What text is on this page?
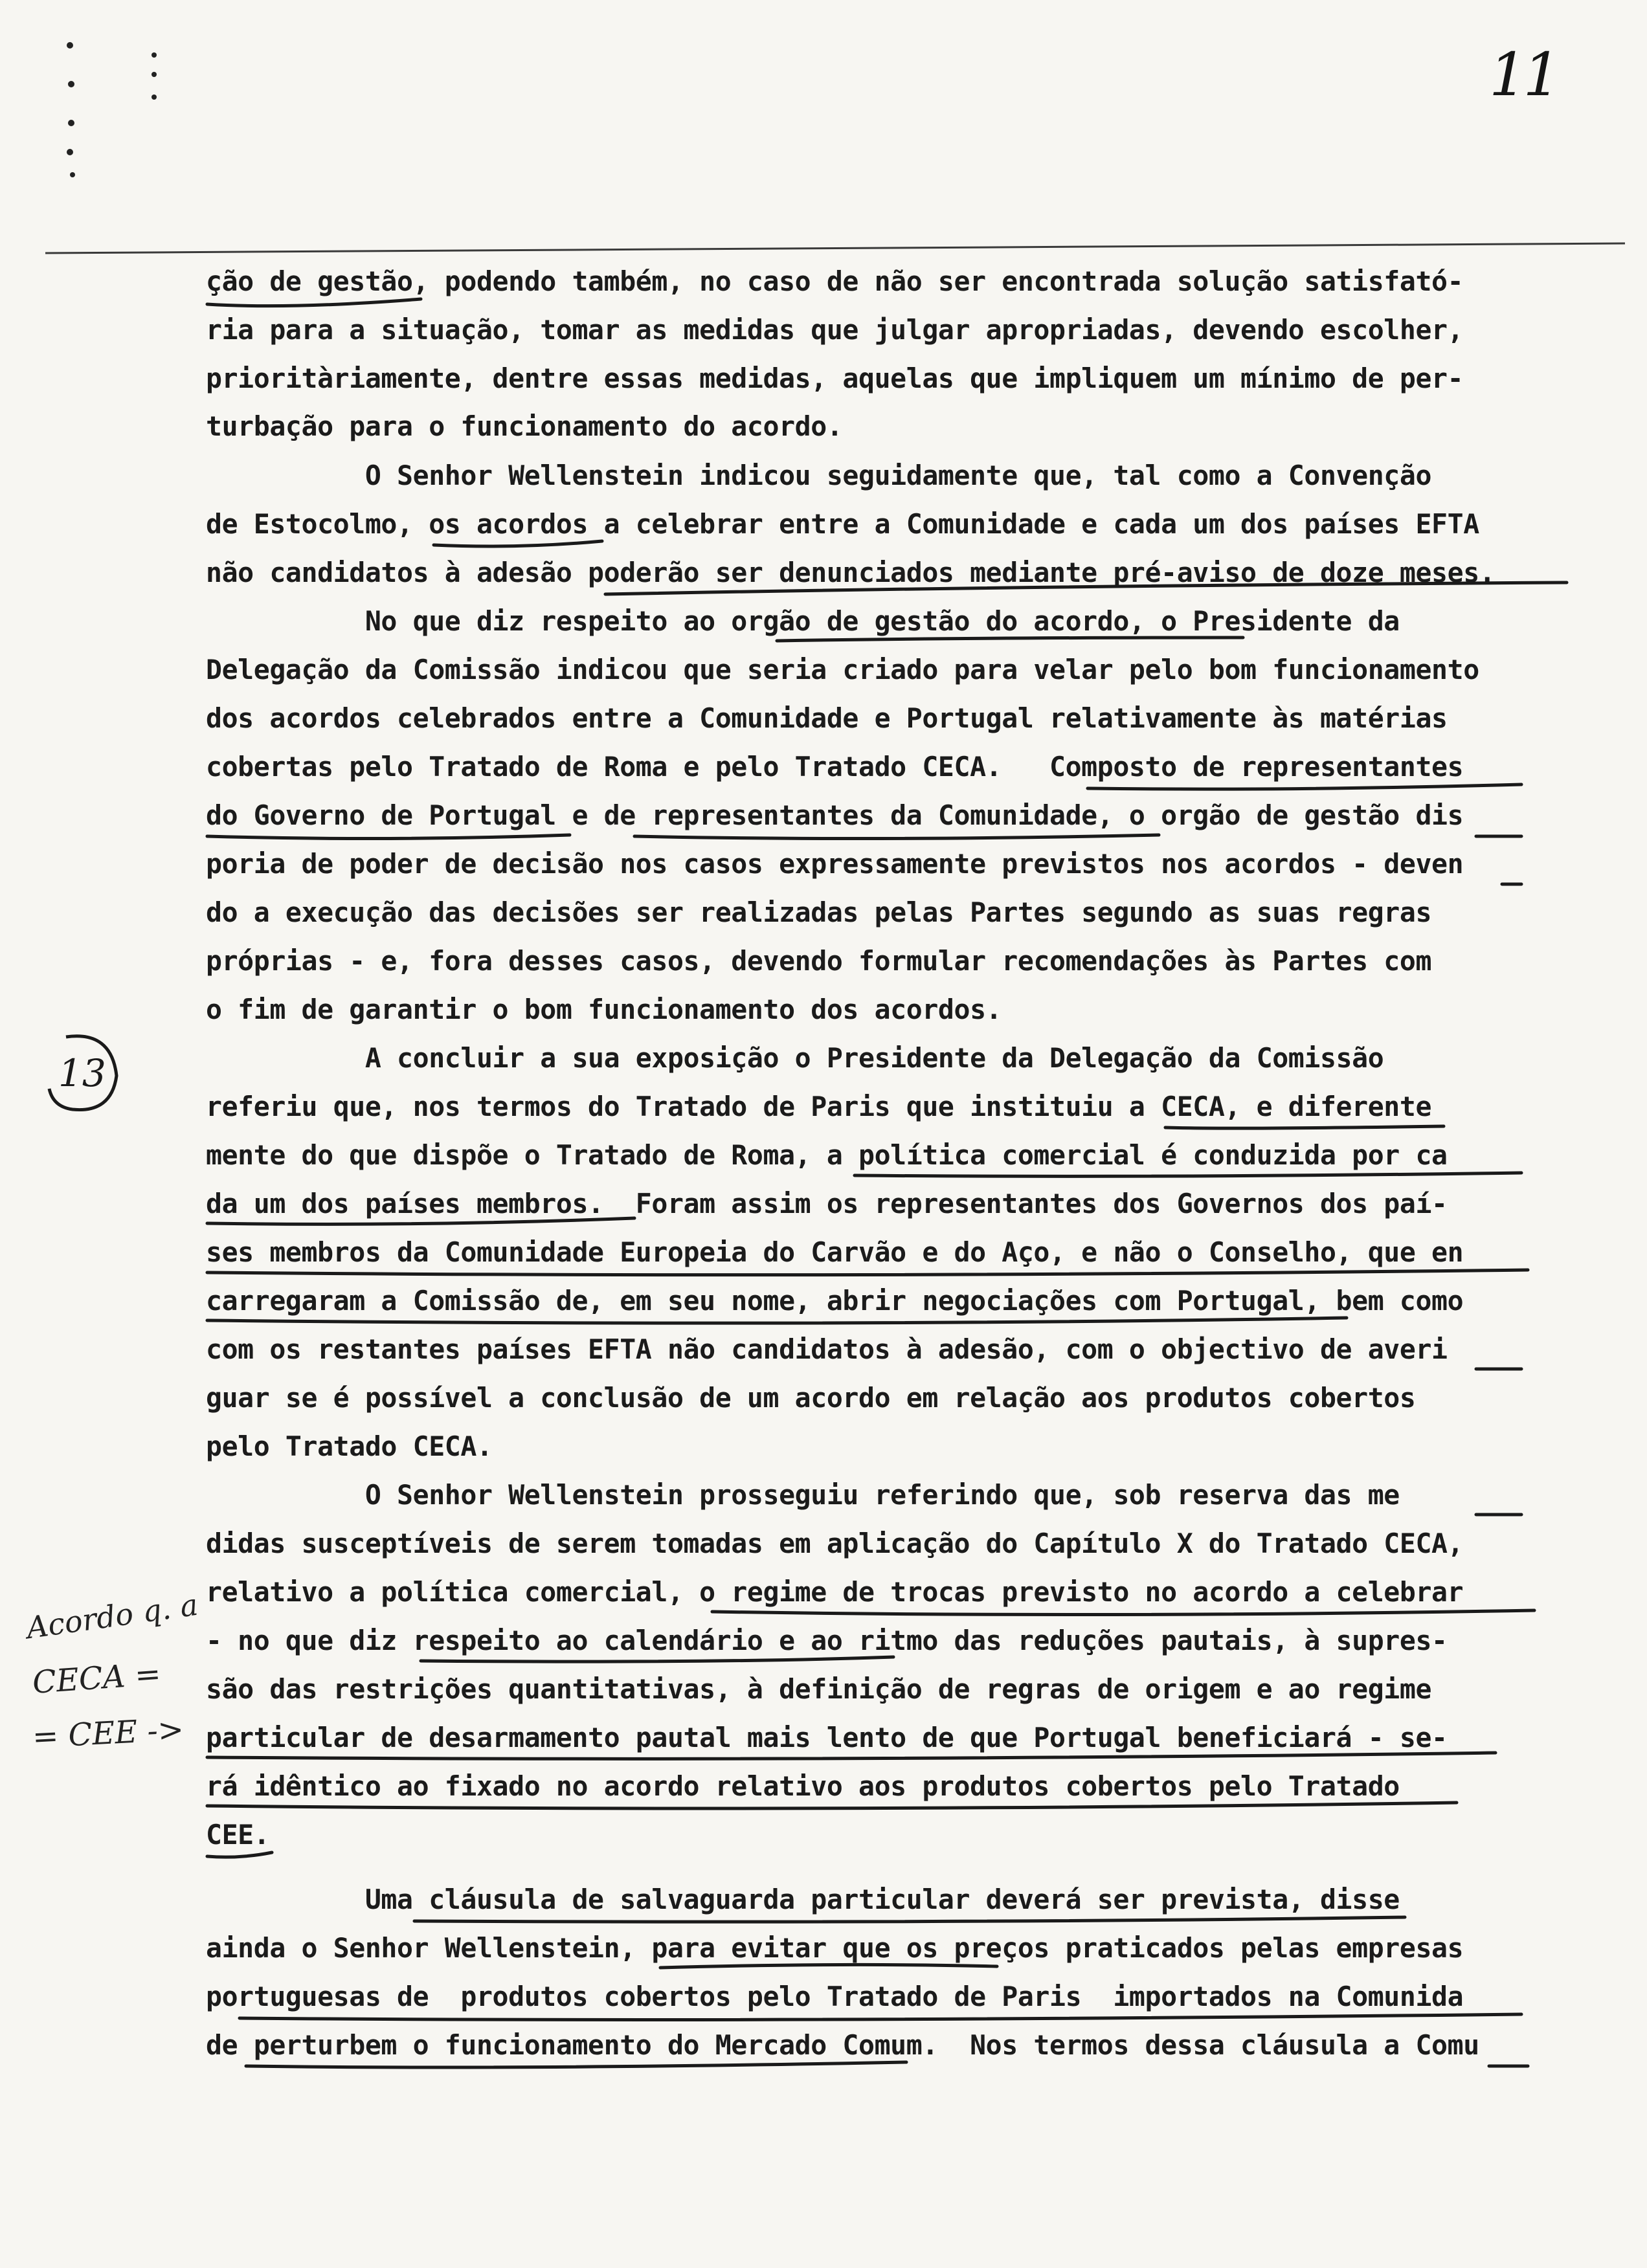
11
ção de gestão, podendo também, no caso de não ser encontrada solução satisfató-
ria para a situação, tomar as medidas que julgar apropriadas, devendo escolher,
prioritàriamente, dentre essas medidas, aquelas que impliquem um mínimo de per-
turbação para o funcionamento do acordo.
O Senhor Wellenstein indicou seguidamente que, tal como a Convenção
de Estocolmo, os acordos a celebrar entre a Comunidade e cada um dos países EFTA
não candidatos à adesão poderão ser denunciados mediante pré-aviso de doze meses.
No que diz respeito ao orgão de gestão do acordo, o Presidente da
Delegação da Comissão indicou que seria criado para velar pelo bom funcionamento
dos acordos celebrados entre a Comunidade e Portugal relativamente às matérias
cobertas pelo Tratado de Roma e pelo Tratado CECA.   Composto de representantes
do Governo de Portugal e de representantes da Comunidade, o orgão de gestão dis
poria de poder de decisão nos casos expressamente previstos nos acordos - deven
do a execução das decisões ser realizadas pelas Partes segundo as suas regras
próprias - e, fora desses casos, devendo formular recomendações às Partes com
o fim de garantir o bom funcionamento dos acordos.
A concluir a sua exposição o Presidente da Delegação da Comissão
referiu que, nos termos do Tratado de Paris que instituiu a CECA, e diferente
mente do que dispõe o Tratado de Roma, a política comercial é conduzida por ca
da um dos países membros.  Foram assim os representantes dos Governos dos paí-
ses membros da Comunidade Europeia do Carvão e do Aço, e não o Conselho, que en
carregaram a Comissão de, em seu nome, abrir negociações com Portugal, bem como
com os restantes países EFTA não candidatos à adesão, com o objectivo de averi
guar se é possível a conclusão de um acordo em relação aos produtos cobertos
pelo Tratado CECA.
O Senhor Wellenstein prosseguiu referindo que, sob reserva das me
didas susceptíveis de serem tomadas em aplicação do Capítulo X do Tratado CECA,
relativo a política comercial, o regime de trocas previsto no acordo a celebrar
- no que diz respeito ao calendário e ao ritmo das reduções pautais, à supres-
são das restrições quantitativas, à definição de regras de origem e ao regime
particular de desarmamento pautal mais lento de que Portugal beneficiará - se-
rá idêntico ao fixado no acordo relativo aos produtos cobertos pelo Tratado
CEE.
Uma cláusula de salvaguarda particular deverá ser prevista, disse
ainda o Senhor Wellenstein, para evitar que os preços praticados pelas empresas
portuguesas de  produtos cobertos pelo Tratado de Paris  importados na Comunida
de perturbem o funcionamento do Mercado Comum.  Nos termos dessa cláusula a Comu
13
Acordo q. a
CECA =
= CEE ->
